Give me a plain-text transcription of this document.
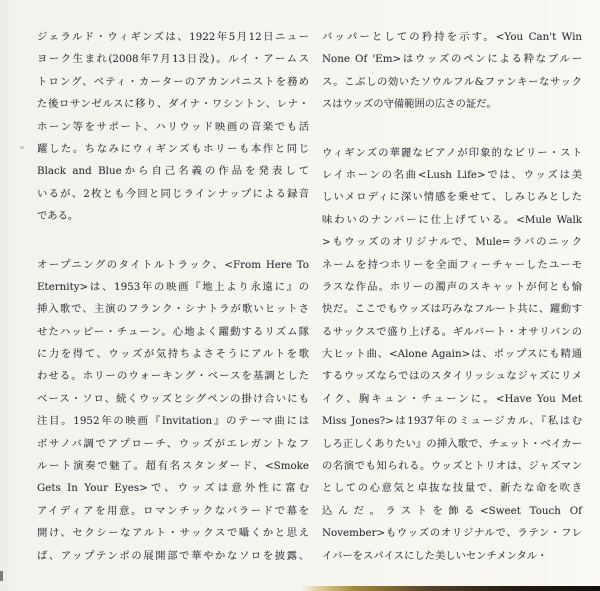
ジェラルド・ウィギンズは、1922年5月12日ニュー
ヨーク生まれ(2008年7月13日没)。ルイ・アームス
トロング、ベティ・カーターのアカンパニストを務め
た後ロサンゼルスに移り、ダイナ・ワシントン、レナ・
ホーン等をサポート、ハリウッド映画の音楽でも活
躍した。ちなみにウィギンズもホリーも本作と同じ
Black and Blueから自己名義の作品を発表して
いるが、2枚とも今回と同じラインナップによる録音
である。
オープニングのタイトルトラック、<From Here To
Eternity>は、1953年の映画『地上より永遠に』の
挿入歌で、主演のフランク・シナトラが歌いヒットさ
せたハッピー・チューン。心地よく躍動するリズム隊
に力を得て、ウッズが気持ちよさそうにアルトを歌
わせる。ホリーのウォーキング・ベースを基調とした
ベース・ソロ、続くウッズとシグペンの掛け合いにも
注目。1952年の映画『Invitation』のテーマ曲には
ボサノバ調でアプローチ、ウッズがエレガントなフ
ルート演奏で魅了。超有名スタンダード、<Smoke
Gets In Your Eyes>で、ウッズは意外性に富む
アイディアを用意。ロマンチックなバラードで幕を
開け、セクシーなアルト・サックスで囁くかと思え
ば、アップテンポの展開部で華やかなソロを披露、
バッパーとしての矜持を示す。<You Can't Win
None Of 'Em>はウッズのペンによる粋なブルー
ス。こぶしの効いたソウルフル&ファンキーなサック
スはウッズの守備範囲の広さの証だ。
ウィギンズの華麗なピアノが印象的なビリー・スト
レイホーンの名曲<Lush Life>では、ウッズは美
しいメロディに深い情感を乗せて、しみじみとした
味わいのナンバーに仕上げている。<Mule Walk
>もウッズのオリジナルで、Mule=ラバのニック
ネームを持つホリーを全面フィーチャーしたユーモ
ラスな作品。ホリーの濁声のスキャットが何とも愉
快だ。ここでもウッズは巧みなフルート共に、躍動す
るサックスで盛り上げる。ギルバート・オサリバンの
大ヒット曲、<Alone Again>は、ポップスにも精通
するウッズならではのスタイリッシュなジャズにリメ
イク、胸キュン・チューンに。<Have You Met
Miss Jones?>は1937年のミュージカル、『私はむ
しろ正しくありたい』の挿入歌で、チェット・ベイカー
の名演でも知られる。ウッズとトリオは、ジャズマン
としての心意気と卓抜な技量で、新たな命を吹き
込んだ。ラストを飾る<Sweet Touch Of
November>もウッズのオリジナルで、ラテン・フレ
イバーをスパイスにした美しいセンチメンタル・
